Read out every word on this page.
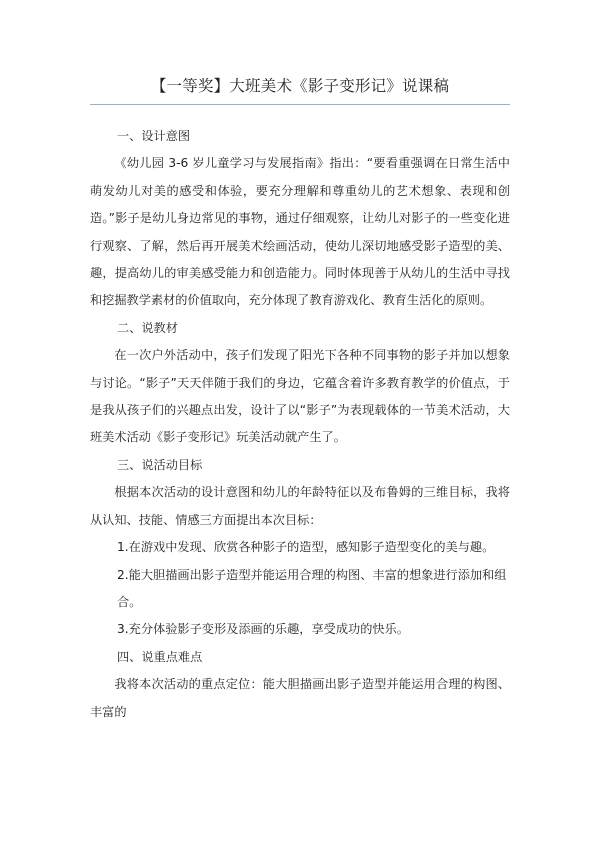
【一等奖】大班美术《影子变形记》说课稿

一、设计意图

《幼儿园 3-6 岁儿童学习与发展指南》指出：“要看重强调在日常生活中萌发幼儿对美的感受和体验，要充分理解和尊重幼儿的艺术想象、表现和创造。”影子是幼儿身边常见的事物，通过仔细观察，让幼儿对影子的一些变化进行观察、了解，然后再开展美术绘画活动，使幼儿深切地感受影子造型的美、趣，提高幼儿的审美感受能力和创造能力。同时体现善于从幼儿的生活中寻找和挖掘教学素材的价值取向，充分体现了教育游戏化、教育生活化的原则。

二、说教材

在一次户外活动中，孩子们发现了阳光下各种不同事物的影子并加以想象与讨论。“影子”天天伴随于我们的身边，它蕴含着许多教育教学的价值点，于是我从孩子们的兴趣点出发，设计了以“影子”为表现载体的一节美术活动，大班美术活动《影子变形记》玩美活动就产生了。

三、说活动目标

根据本次活动的设计意图和幼儿的年龄特征以及布鲁姆的三维目标，我将从认知、技能、情感三方面提出本次目标：

1.在游戏中发现、欣赏各种影子的造型，感知影子造型变化的美与趣。

2.能大胆描画出影子造型并能运用合理的构图、丰富的想象进行添加和组合。

3.充分体验影子变形及添画的乐趣，享受成功的快乐。

四、说重点难点

我将本次活动的重点定位：能大胆描画出影子造型并能运用合理的构图、丰富的
